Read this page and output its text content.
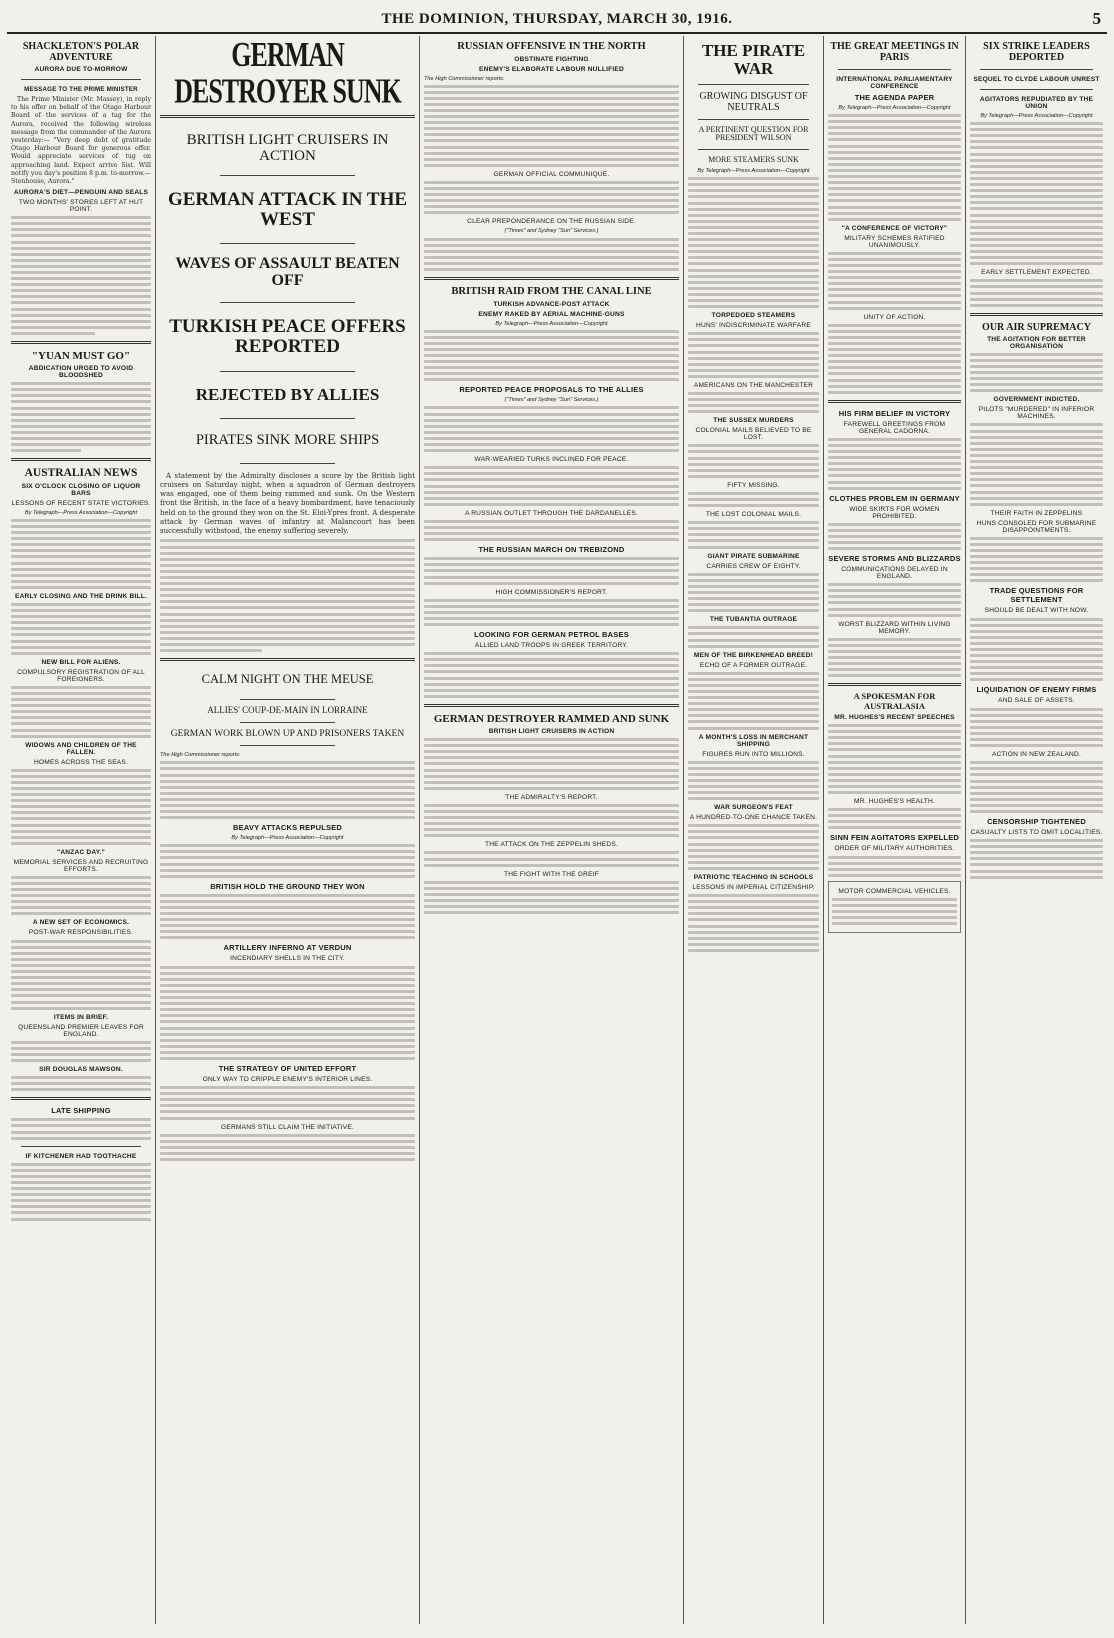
THE DOMINION, THURSDAY, MARCH 30, 1916.	5
SHACKLETON'S POLAR ADVENTURE
AURORA DUE TO-MORROW
MESSAGE TO THE PRIME MINISTER

The Prime Minister (Mr. Massey), in reply to his offer on behalf of the Otago Harbour Board of the services of a tug for the Aurora, received the following wireless message from the commander of the Aurora yesterday:— "Very deep debt of gratitude Otago Harbour Board for generous offer. Would appreciate services of tug on approaching land. Expect arrive Sist. Will notify you day's position 8 p.m. to-morrow.—Stenhouse, Aurora."

AURORA'S DIET—PENGUIN AND SEALS
TWO MONTHS' STORES LEFT AT HUT POINT.
"YUAN MUST GO"
ABDICATION URGED TO AVOID BLOODSHED
AUSTRALIAN NEWS
SIX O'CLOCK CLOSING OF LIQUOR BARS
LESSONS OF RECENT STATE VICTORIES.
By Telegraph—Press Association—Copyright
EARLY CLOSING AND THE DRINK BILL.
NEW BILL FOR ALIENS.
COMPULSORY REGISTRATION OF ALL FOREIGNERS.
WIDOWS AND CHILDREN OF THE FALLEN.
HOMES ACROSS THE SEAS.
"ANZAC DAY."
MEMORIAL SERVICES AND RECRUITING EFFORTS.
A NEW SET OF ECONOMICS.
POST-WAR RESPONSIBILITIES.
ITEMS IN BRIEF.
QUEENSLAND PREMIER LEAVES FOR ENGLAND.
SIR DOUGLAS MAWSON.
LATE SHIPPING
IF KITCHENER HAD TOOTHACHE
GERMAN DESTROYER SUNK
BRITISH LIGHT CRUISERS IN ACTION
GERMAN ATTACK IN THE WEST
WAVES OF ASSAULT BEATEN OFF
TURKISH PEACE OFFERS REPORTED
REJECTED BY ALLIES
PIRATES SINK MORE SHIPS

A statement by the Admiralty discloses a score by the British light cruisers on Saturday night, when a squadron of German destroyers was engaged, one of them being rammed and sunk. On the Western front the British, in the face of a heavy bombardment, have tenaciously held on to the ground they won on the St. Eloi-Ypres front. A desperate attack by German waves of infantry at Malancourt has been successfully withstood, the enemy suffering severely.

CALM NIGHT ON THE MEUSE
ALLIES' COUP-DE-MAIN IN LORRAINE
GERMAN WORK BLOWN UP AND PRISONERS TAKEN
The High Commissioner reports:
BEAVY ATTACKS REPULSED
By Telegraph—Press Association—Copyright
BRITISH HOLD THE GROUND THEY WON
ARTILLERY INFERNO AT VERDUN
INCENDIARY SHELLS IN THE CITY.
THE STRATEGY OF UNITED EFFORT
ONLY WAY TO CRIPPLE ENEMY'S INTERIOR LINES.
GERMANS STILL CLAIM THE INITIATIVE.
RUSSIAN OFFENSIVE IN THE NORTH
OBSTINATE FIGHTING
ENEMY'S ELABORATE LABOUR NULLIFIED
The High Commissioner reports:
GERMAN OFFICIAL COMMUNIQUE.
CLEAR PREPONDERANCE ON THE RUSSIAN SIDE.
("Times" and Sydney "Sun" Services.)
BRITISH RAID FROM THE CANAL LINE
TURKISH ADVANCE-POST ATTACK
ENEMY RAKED BY AERIAL MACHINE-GUNS
By Telegraph—Press Association—Copyright
REPORTED PEACE PROPOSALS TO THE ALLIES
("Times" and Sydney "Sun" Services.)
WAR-WEARIED TURKS INCLINED FOR PEACE.
A RUSSIAN OUTLET THROUGH THE DARDANELLES.
THE RUSSIAN MARCH ON TREBIZOND
HIGH COMMISSIONER'S REPORT.
LOOKING FOR GERMAN PETROL BASES
ALLIED LAND TROOPS IN GREEK TERRITORY.
GERMAN DESTROYER RAMMED AND SUNK
BRITISH LIGHT CRUISERS IN ACTION
THE ADMIRALTY'S REPORT.
THE ATTACK ON THE ZEPPELIN SHEDS.
THE FIGHT WITH THE GREIF
THE PIRATE WAR
GROWING DISGUST OF NEUTRALS
A PERTINENT QUESTION FOR PRESIDENT WILSON
MORE STEAMERS SUNK
By Telegraph—Press Association—Copyright
TORPEDOED STEAMERS
HUNS' INDISCRIMINATE WARFARE
AMERICANS ON THE MANCHESTER
THE SUSSEX MURDERS
COLONIAL MAILS BELIEVED TO BE LOST.
FIFTY MISSING.
THE LOST COLONIAL MAILS.
GIANT PIRATE SUBMARINE
CARRIES CREW OF EIGHTY.
THE TUBANTIA OUTRAGE
MEN OF THE BIRKENHEAD BREED!
ECHO OF A FORMER OUTRAGE.
A MONTH'S LOSS IN MERCHANT SHIPPING
FIGURES RUN INTO MILLIONS.
WAR SURGEON'S FEAT
A HUNDRED-TO-ONE CHANCE TAKEN.
PATRIOTIC TEACHING IN SCHOOLS
LESSONS IN IMPERIAL CITIZENSHIP.
THE GREAT MEETINGS IN PARIS
INTERNATIONAL PARLIAMENTARY CONFERENCE
THE AGENDA PAPER
By Telegraph—Press Association—Copyright
"A CONFERENCE OF VICTORY"
MILITARY SCHEMES RATIFIED UNANIMOUSLY.
UNITY OF ACTION.
HIS FIRM BELIEF IN VICTORY
FAREWELL GREETINGS FROM GENERAL CADORNA.
CLOTHES PROBLEM IN GERMANY
WIDE SKIRTS FOR WOMEN PROHIBITED.
SEVERE STORMS AND BLIZZARDS
COMMUNICATIONS DELAYED IN ENGLAND.
WORST BLIZZARD WITHIN LIVING MEMORY.
A SPOKESMAN FOR AUSTRALASIA
MR. HUGHES'S RECENT SPEECHES
MR. HUGHES'S HEALTH.
SINN FEIN AGITATORS EXPELLED
ORDER OF MILITARY AUTHORITIES.
MOTOR COMMERCIAL VEHICLES.
SIX STRIKE LEADERS DEPORTED
SEQUEL TO CLYDE LABOUR UNREST
AGITATORS REPUDIATED BY THE UNION
By Telegraph—Press Association—Copyright
EARLY SETTLEMENT EXPECTED.
OUR AIR SUPREMACY
THE AGITATION FOR BETTER ORGANISATION
GOVERNMENT INDICTED.
PILOTS "MURDERED" IN INFERIOR MACHINES.
THEIR FAITH IN ZEPPELINS
HUNS CONSOLED FOR SUBMARINE DISAPPOINTMENTS.
TRADE QUESTIONS FOR SETTLEMENT
SHOULD BE DEALT WITH NOW.
LIQUIDATION OF ENEMY FIRMS
AND SALE OF ASSETS.
ACTION IN NEW ZEALAND.
CENSORSHIP TIGHTENED
CASUALTY LISTS TO OMIT LOCALITIES.
